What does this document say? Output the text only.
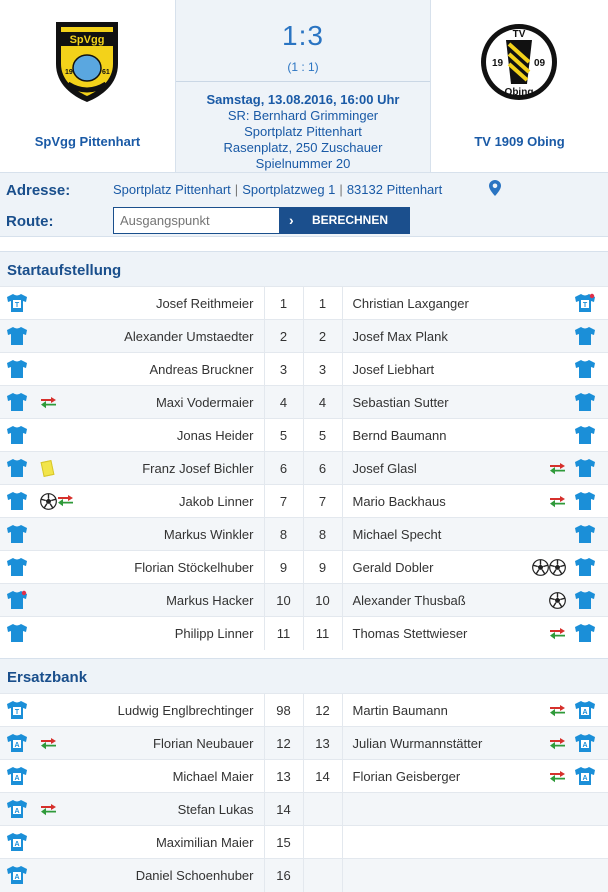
SpVgg
19	61
SpVgg Pittenhart
1:3
(1 : 1)
Samstag, 13.08.2016, 16:00 Uhr
SR: Bernhard Grimminger
Sportplatz Pittenhart
Rasenplatz, 250 Zuschauer
Spielnummer 20
TV
19	09
Obing
TV 1909 Obing
Adresse:	Sportplatz Pittenhart | Sportplatzweg 1 | 83132 Pittenhart
Route:
Ausgangspunkt	› BERECHNEN
Startaufstellung
T		Josef Reithmeier	1	1	Christian Laxganger		T

		Alexander Umstaedter	2	2	Josef Max Plank		
		Andreas Bruckner	3	3	Josef Liebhart		
		Maxi Vodermaier	4	4	Sebastian Sutter		
		Jonas Heider	5	5	Bernd Baumann		
		Franz Josef Bichler	6	6	Josef Glasl		
		Jakob Linner	7	7	Mario Backhaus		
		Markus Winkler	8	8	Michael Specht		
		Florian Stöckelhuber	9	9	Gerald Dobler		
		Markus Hacker	10	10	Alexander Thusbaß		
		Philipp Linner	11	11	Thomas Stettwieser		
Ersatzbank
T		Ludwig Englbrechtinger	98	12	Martin Baumann		A

A		Florian Neubauer	12	13	Julian Wurmannstätter		A

A		Michael Maier	13	14	Florian Geisberger		A

A		Stefan Lukas	14				

A		Maximilian Maier	15				

A		Daniel Schoenhuber	16				
